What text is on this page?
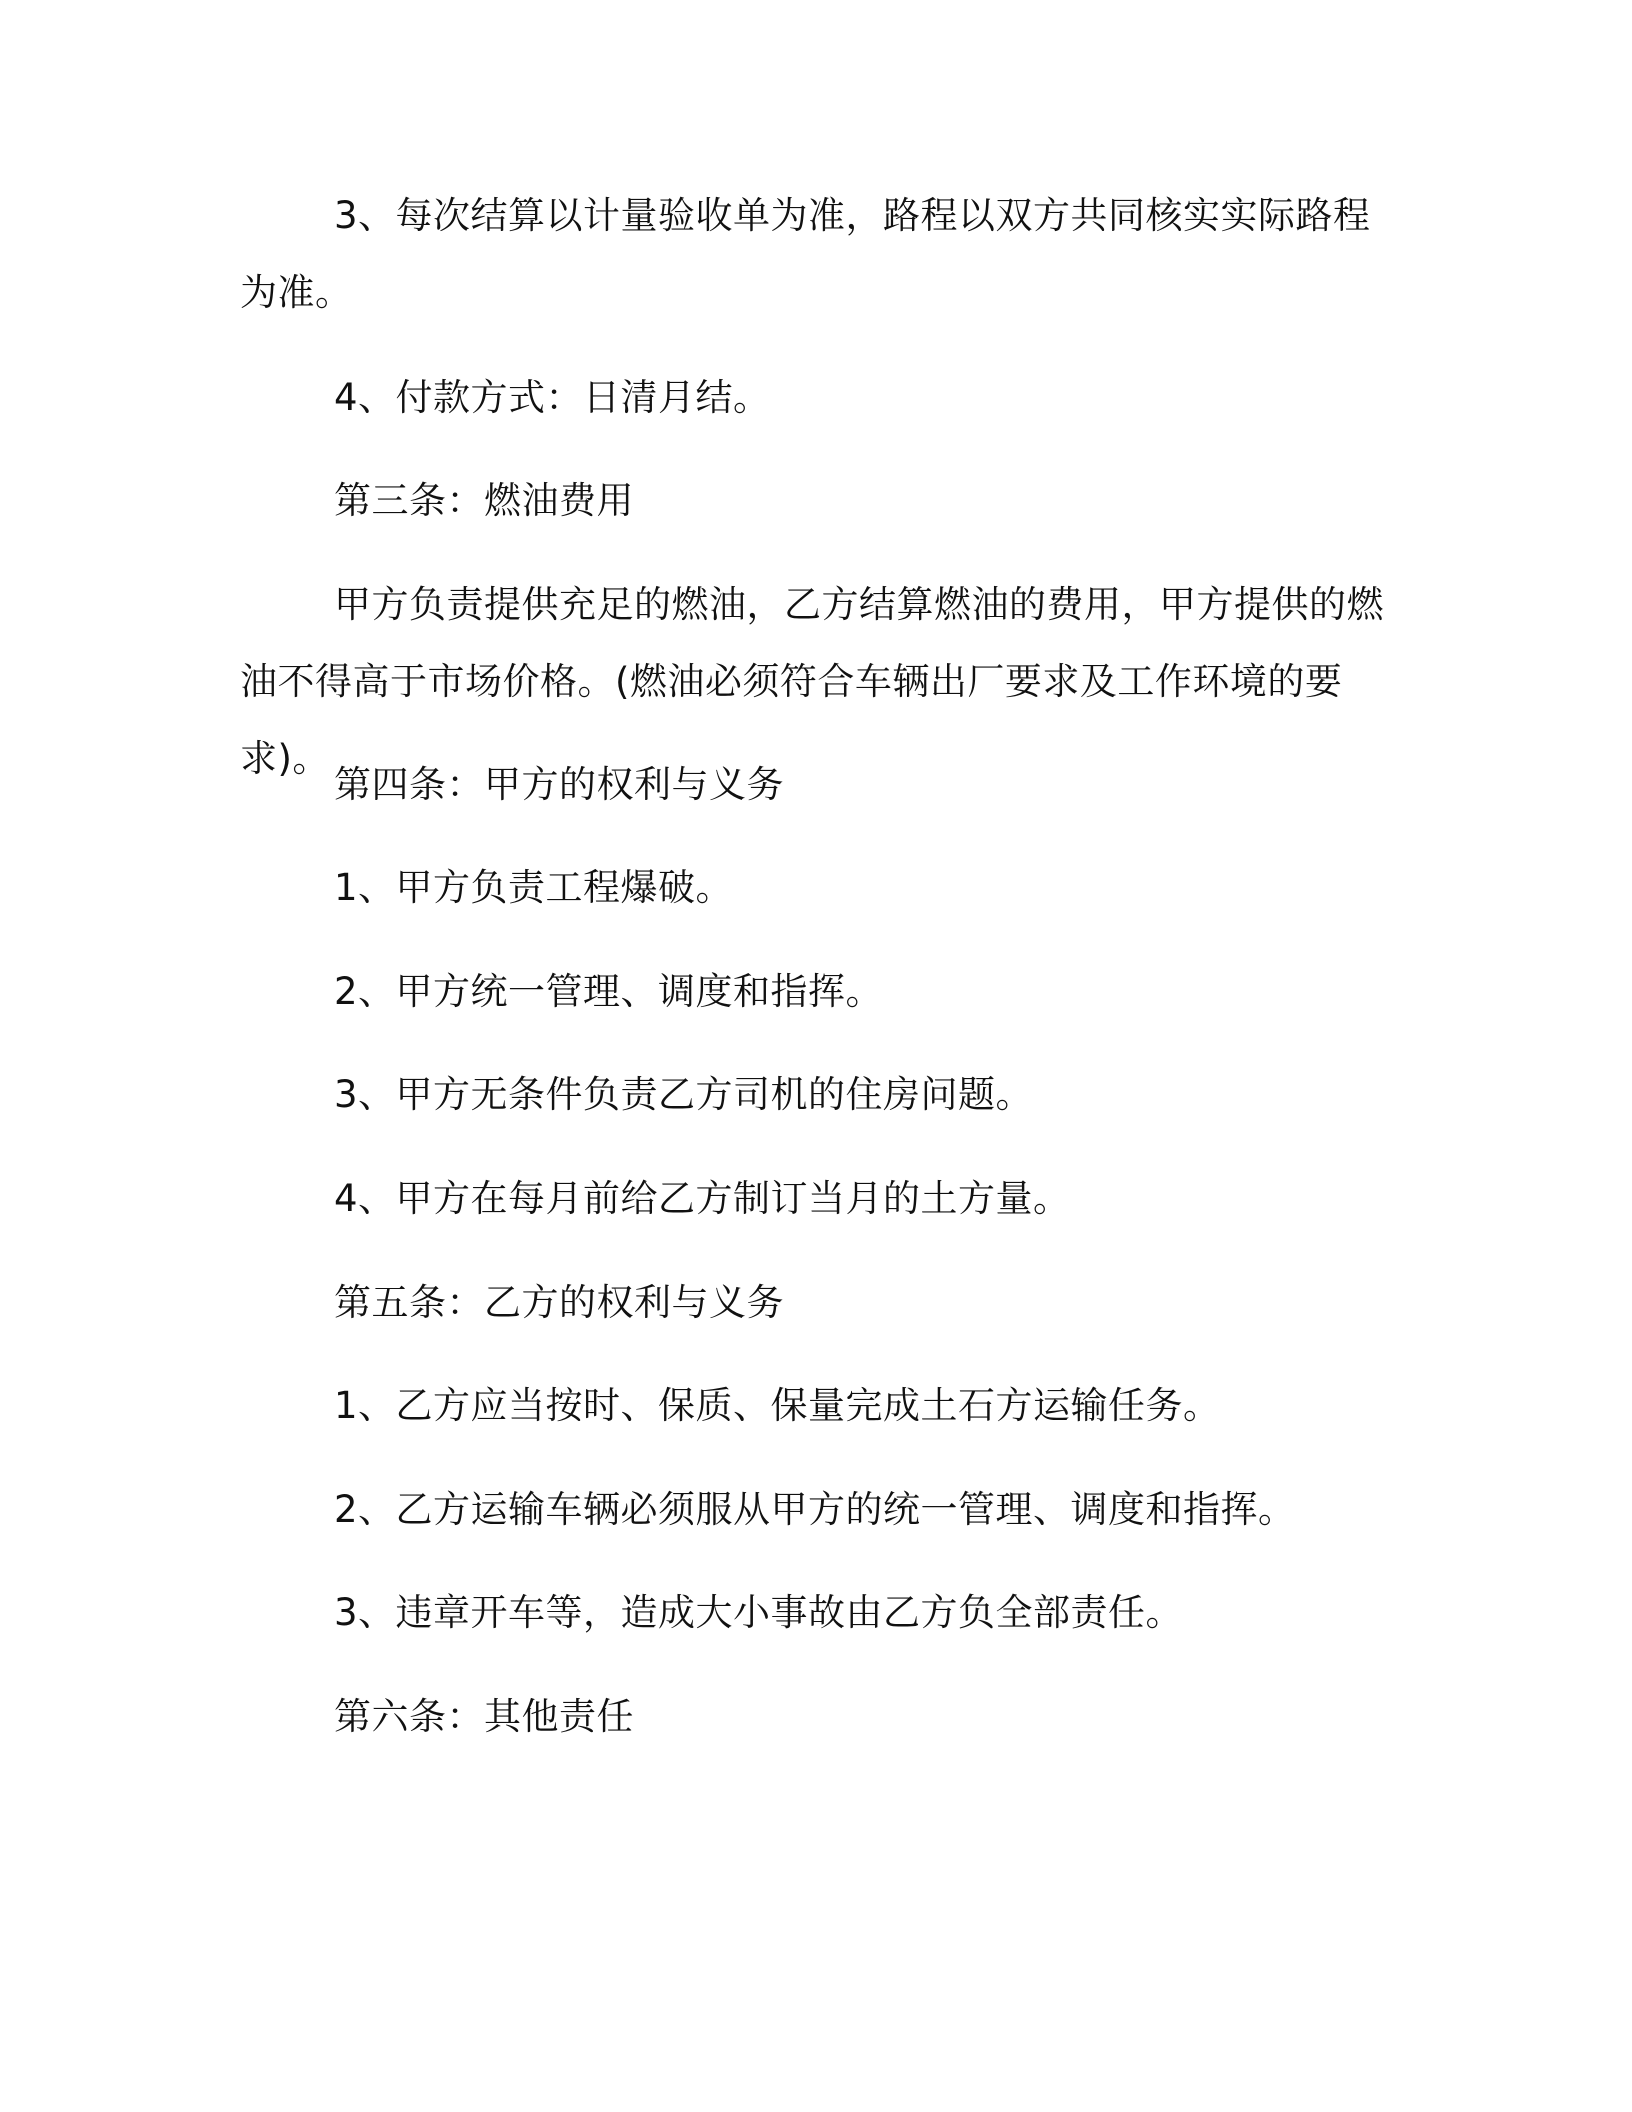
3、每次结算以计量验收单为准，路程以双方共同核实实际路程为准。

4、付款方式：日清月结。

第三条：燃油费用

甲方负责提供充足的燃油，乙方结算燃油的费用，甲方提供的燃油不得高于市场价格。(燃油必须符合车辆出厂要求及工作环境的要求)。

第四条：甲方的权利与义务

1、甲方负责工程爆破。

2、甲方统一管理、调度和指挥。

3、甲方无条件负责乙方司机的住房问题。

4、甲方在每月前给乙方制订当月的土方量。

第五条：乙方的权利与义务

1、乙方应当按时、保质、保量完成土石方运输任务。

2、乙方运输车辆必须服从甲方的统一管理、调度和指挥。

3、违章开车等，造成大小事故由乙方负全部责任。

第六条：其他责任
